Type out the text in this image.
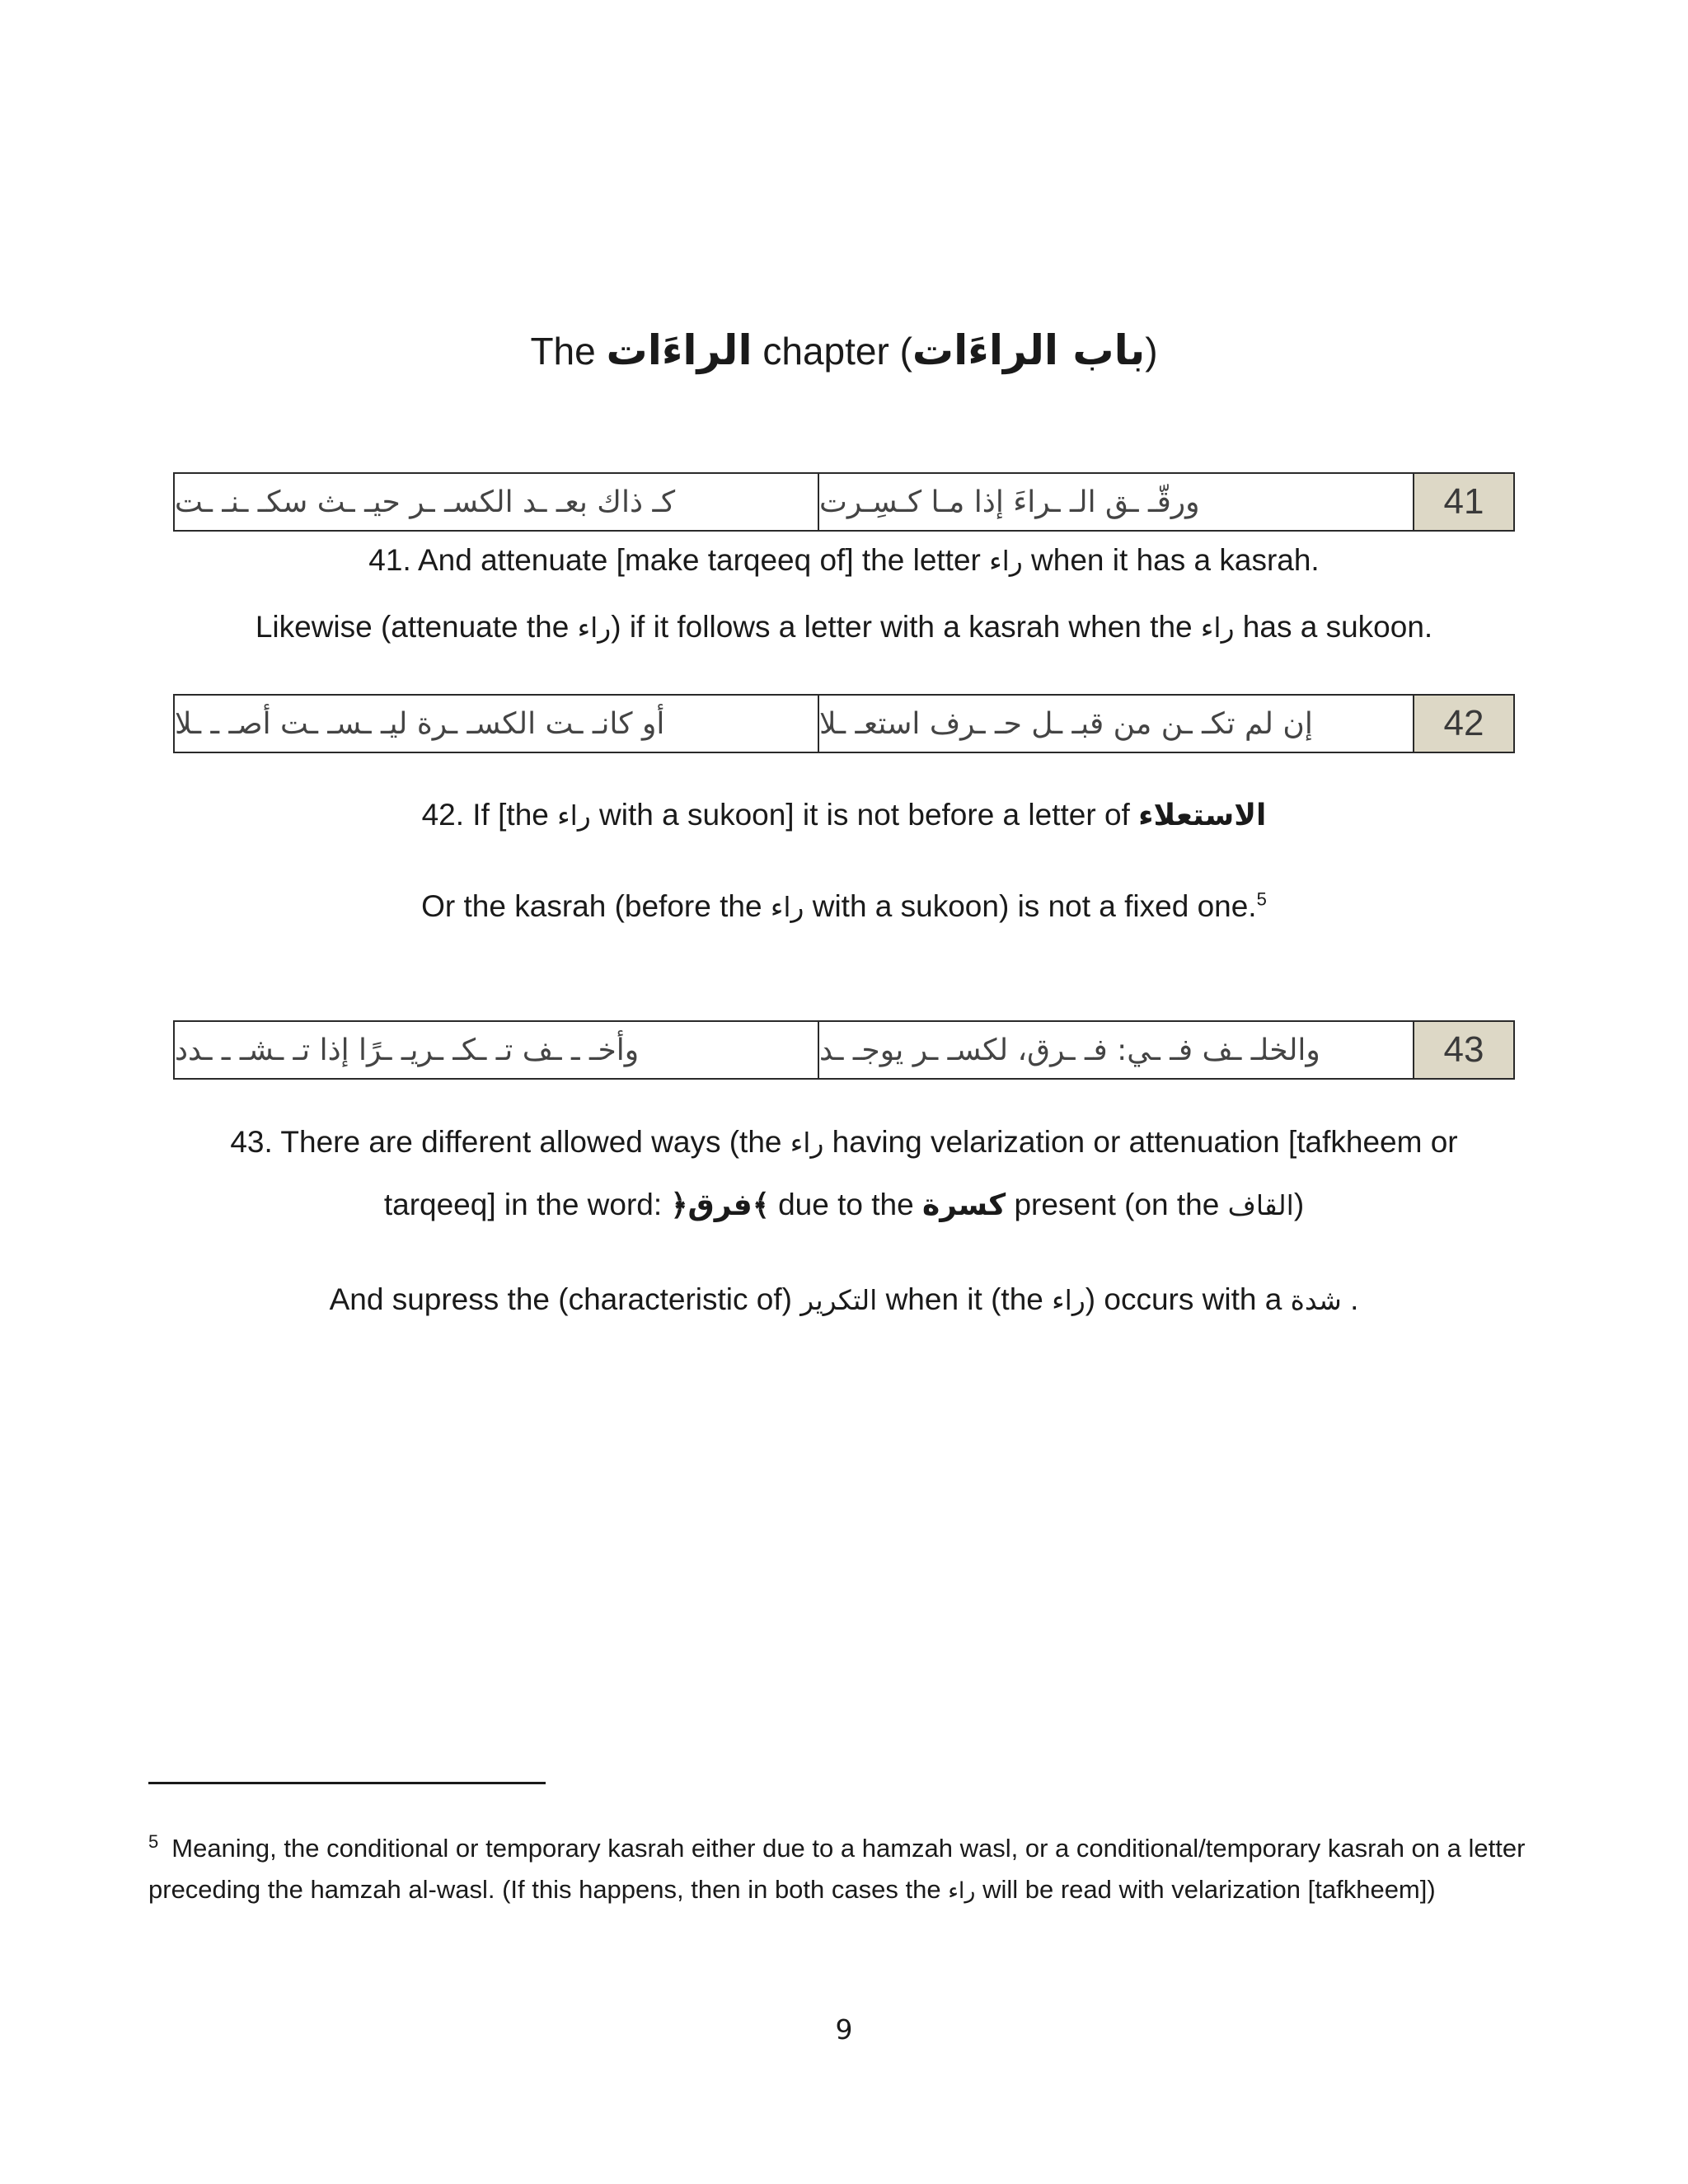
The الراءَات chapter (باب الراءَات)
41
ورقّـ ـق الـ ـراءَ إذا مـا كـسِـرت
كـ ذاك بعـ ـد الكسـ ـر حيـ ـث سكـ ـنـ ـت
41. And attenuate [make tarqeeq of] the letter راء when it has a kasrah.
Likewise (attenuate the راء) if it follows a letter with a kasrah when the راء has a sukoon.
42
إن لم تكـ ـن من قبـ ـل حـ ـرف استعـ ـلا
أو كانـ ـت الكسـ ـرة ليـ ـسـ ـت أصـ ـ ـلا
42. If [the راء with a sukoon] it is not before a letter of الاستعلاء
Or the kasrah (before the راء with a sukoon) is not a fixed one.$^5$
43
والخلـ ـف فـ ـي: فـ ـرق، لكسـ ـر يوجـ ـد
وأخـ ـ ـف تـ ـكـ ـريـ ـرًا إذا تـ ـشـ ـ ـدد
43. There are different allowed ways (the راء having velarization or attenuation [tafkheem or
tarqeeq] in the word: ﴿فرق﴾ due to the كسرة present (on the القاف)
And supress the (characteristic of) التكرير when it (the راء) occurs with a شدة .
$^5$ Meaning, the conditional or temporary kasrah either due to a hamzah wasl, or a conditional/temporary kasrah on a letter preceding the hamzah al-wasl. (If this happens, then in both cases the راء will be read with velarization [tafkheem])
9
